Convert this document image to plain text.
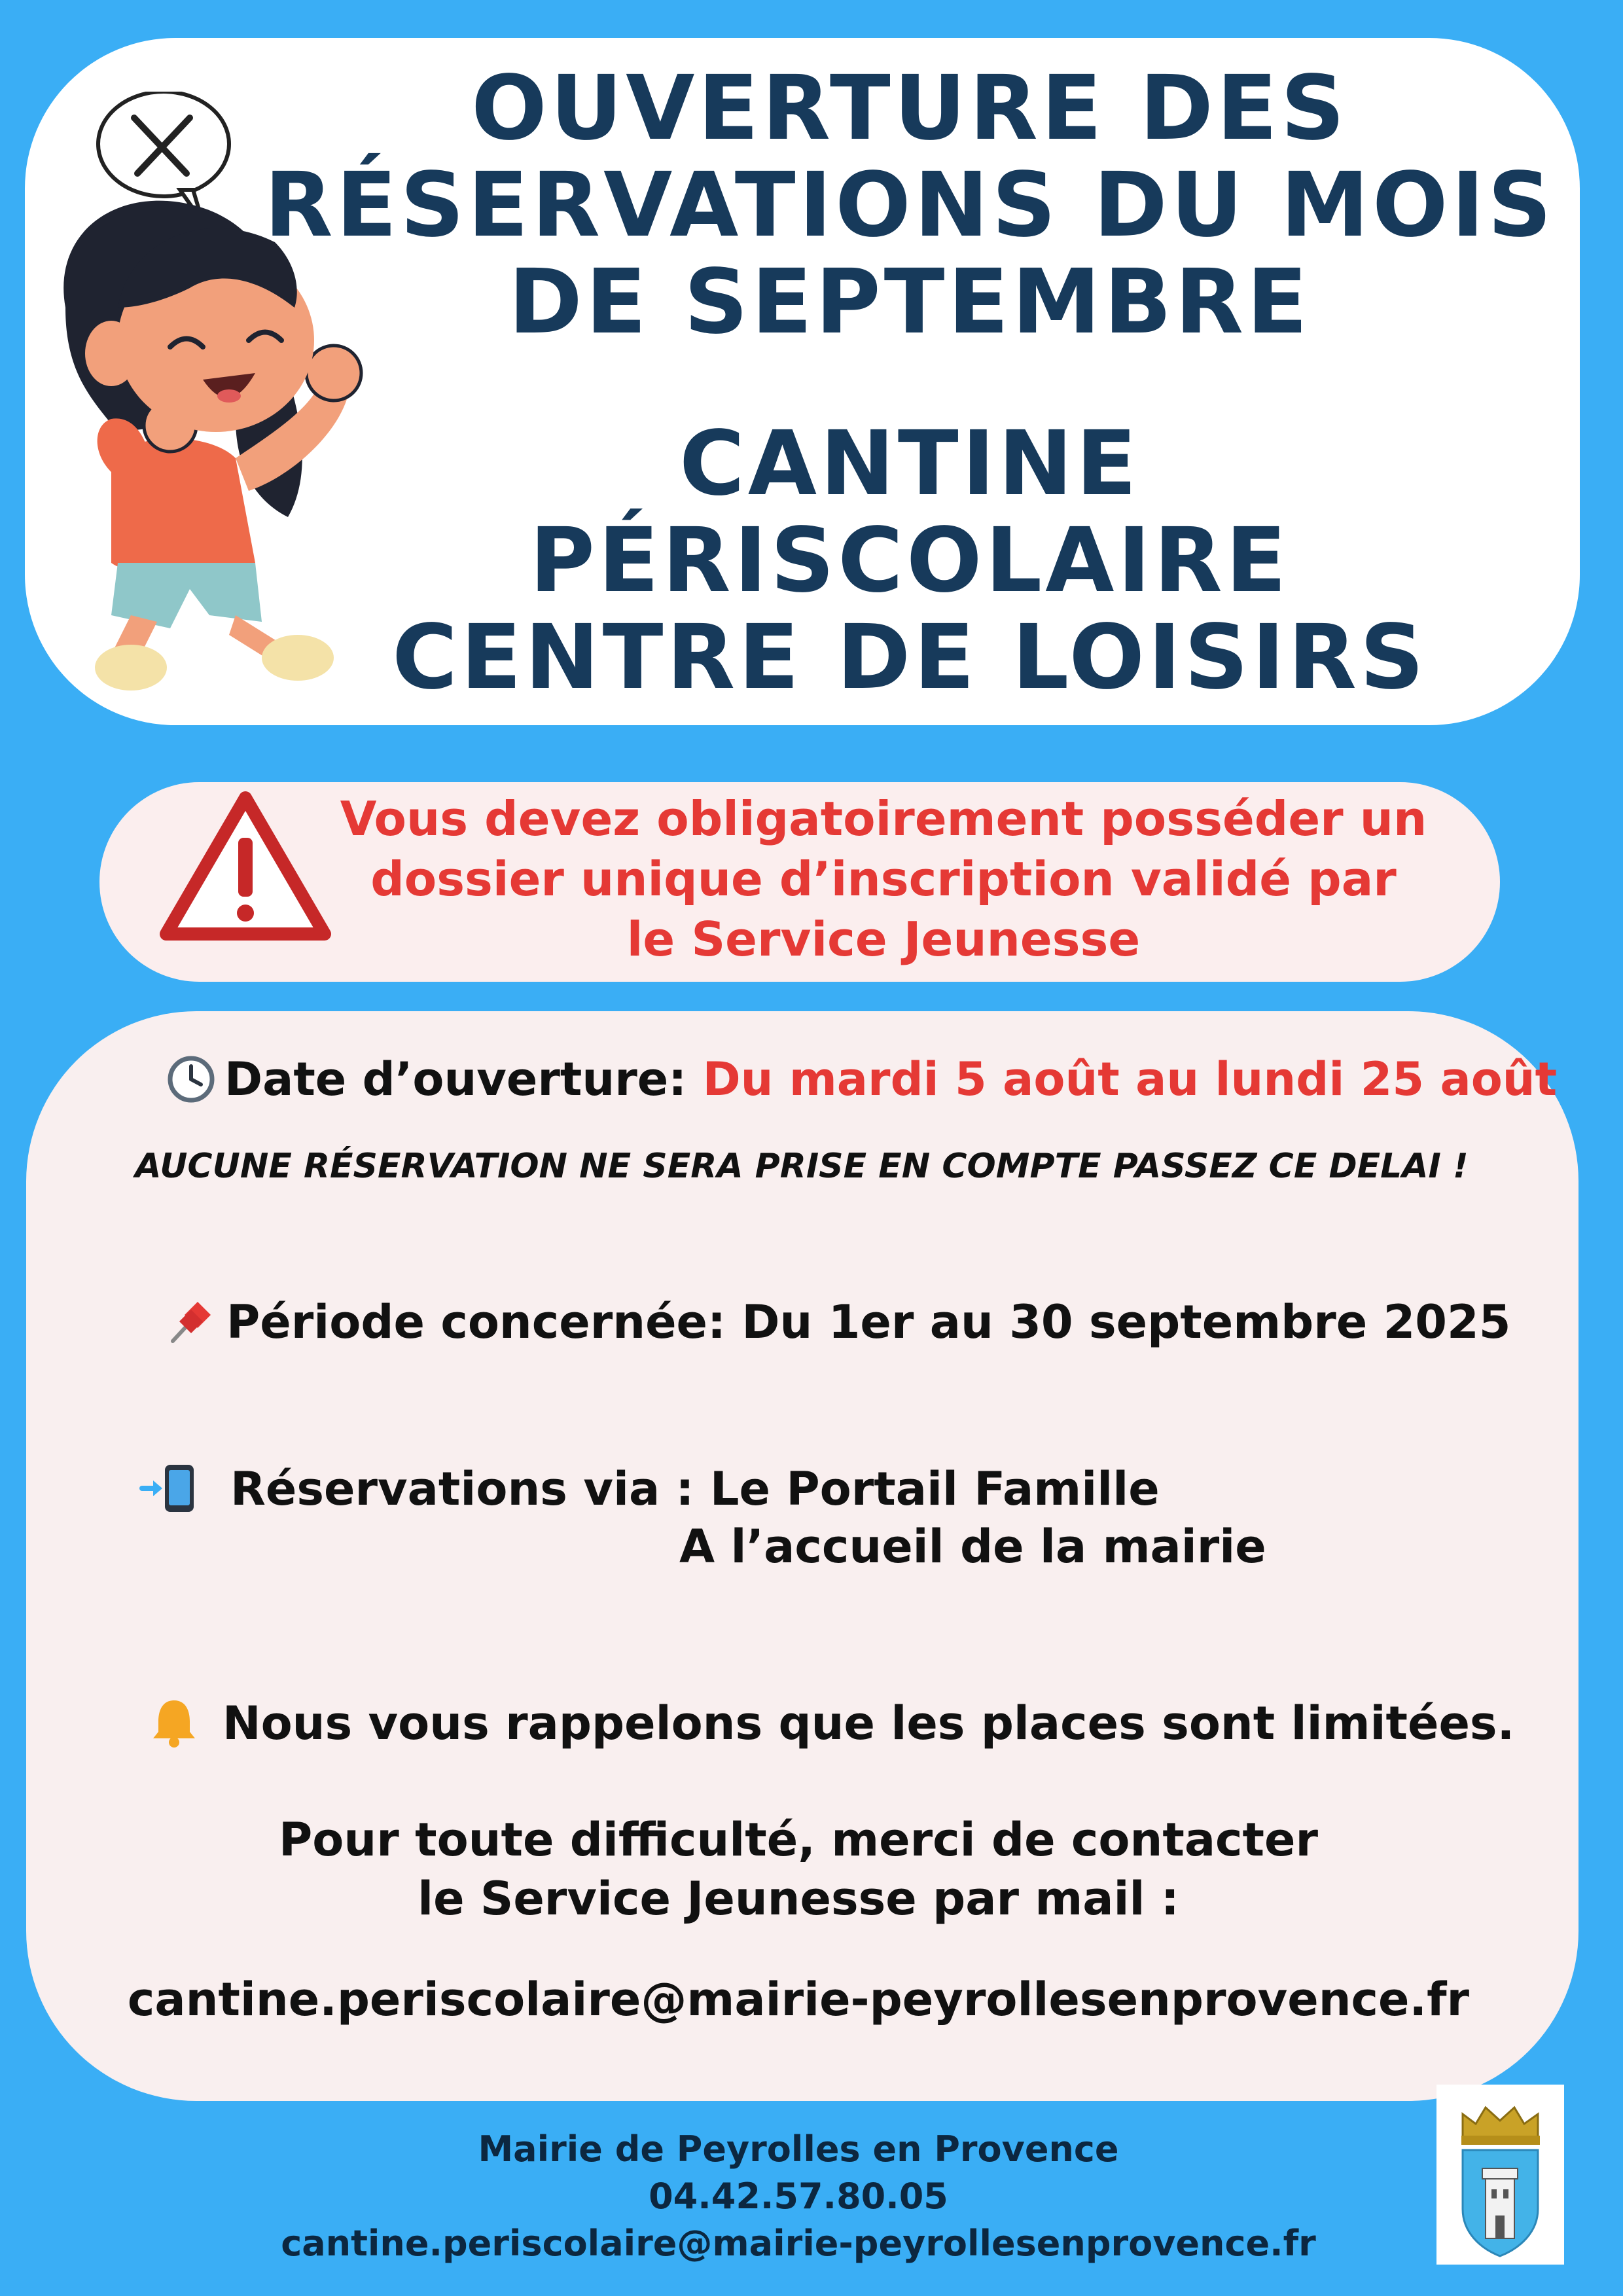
OUVERTURE DES
RÉSERVATIONS DU MOIS
DE SEPTEMBRE
CANTINE
PÉRISCOLAIRE
CENTRE DE LOISIRS
Vous devez obligatoirement posséder un
dossier unique d’inscription validé par
le Service Jeunesse
Date d’ouverture: Du mardi 5 août au lundi 25 août
AUCUNE RÉSERVATION NE SERA PRISE EN COMPTE PASSEZ CE DELAI !
Période concernée: Du 1er au 30 septembre 2025
Réservations via : Le Portail Famille
A l’accueil de la mairie
Nous vous rappelons que les places sont limitées.
Pour toute difficulté, merci de contacter
le Service Jeunesse par mail :
cantine.periscolaire@mairie-peyrollesenprovence.fr
Mairie de Peyrolles en Provence
04.42.57.80.05
cantine.periscolaire@mairie-peyrollesenprovence.fr
